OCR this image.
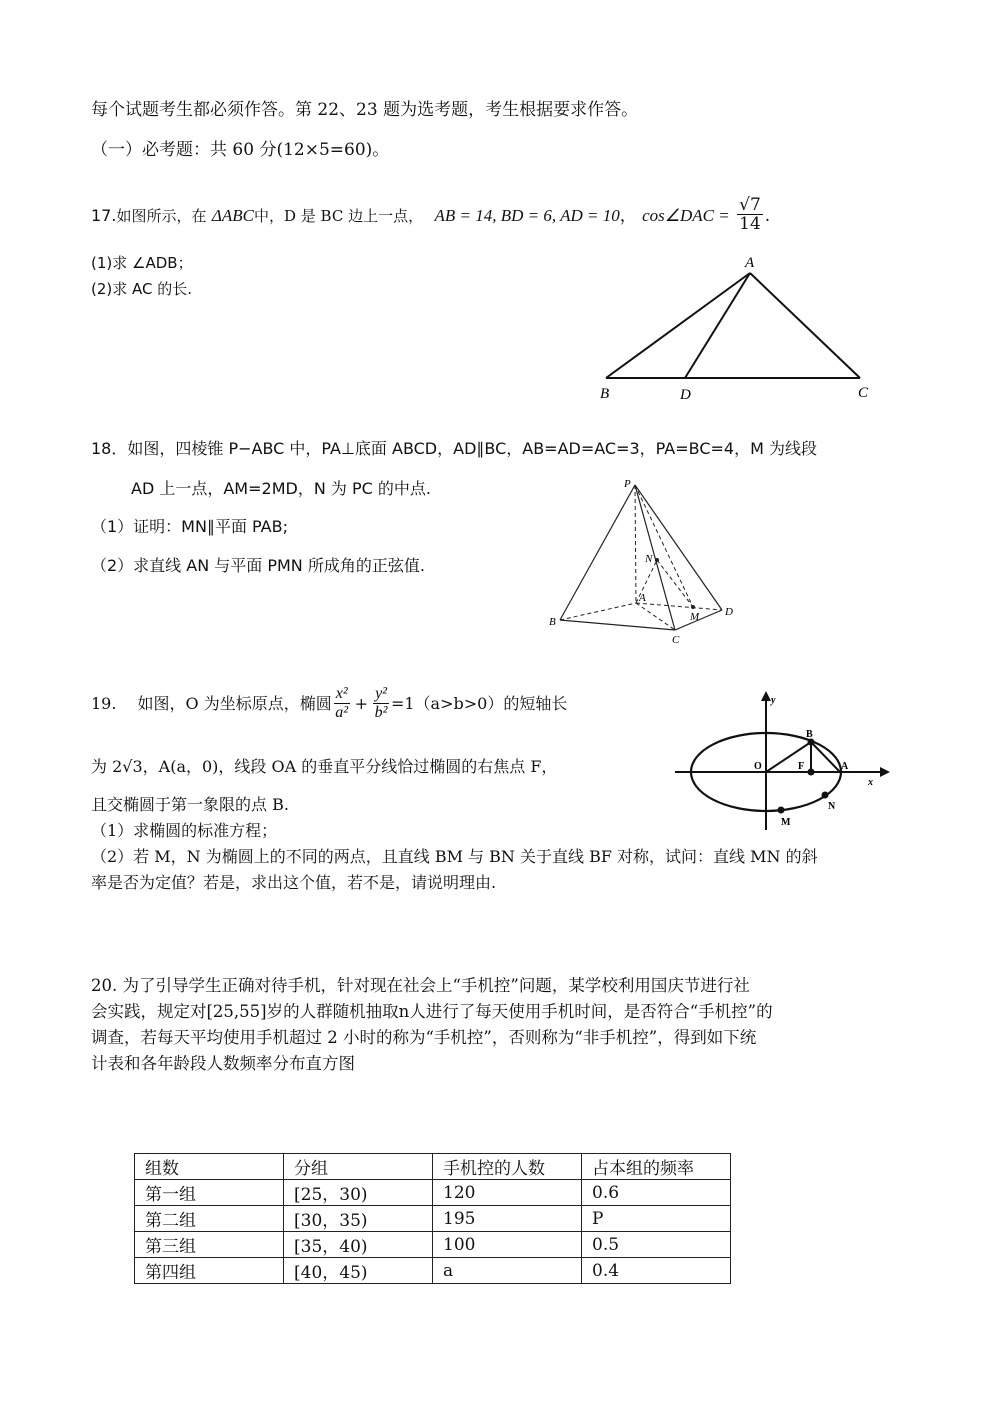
每个试题考生都必须作答。第 22、23 题为选考题，考生根据要求作答。
（一）必考题：共 60 分(12×5=60)。
17.如图所示，在 ΔABC中，D 是 BC 边上一点， AB = 14, BD = 6, AD = 10， cos∠DAC = $\frac{√7}{14}$ .
(1)求 ∠ADB；
(2)求 AC 的长.
A
B	D	C
18．如图，四棱锥 P−ABC 中，PA⊥底面 ABCD，AD∥BC，AB=AD=AC=3，PA=BC=4，M 为线段
AD 上一点，AM=2MD，N 为 PC 的中点.
（1）证明：MN∥平面 PAB;
（2）求直线 AN 与平面 PMN 所成角的正弦值.
P
A
B
C
D
M
N
19.　 如图，O 为坐标原点，椭圆 $\frac{\text{x²}}{\text{a²}} + \frac{\text{y²}}{\text{b²}} =1(a>b>0)$的短轴长
为 2√3，A(a，0)，线段 OA 的垂直平分线恰过椭圆的右焦点 F，
且交椭圆于第一象限的点 B.
（1）求椭圆的标准方程；
（2）若 M，N 为椭圆上的不同的两点，且直线 BM 与 BN 关于直线 BF 对称，试问：直线 MN 的斜
率是否为定值？若是，求出这个值，若不是，请说明理由.
y
x
O	F	A
B
N
M
20. 为了引导学生正确对待手机，针对现在社会上“手机控”问题，某学校利用国庆节进行社
会实践，规定对[25,55]岁的人群随机抽取n人进行了每天使用手机时间，是否符合“手机控”的
调查，若每天平均使用手机超过 2 小时的称为“手机控”，否则称为“非手机控”，得到如下统
计表和各年龄段人数频率分布直方图
组数	分组	手机控的人数	占本组的频率
第一组	[25，30)	120	0.6
第二组	[30，35)	195	P
第三组	[35，40)	100	0.5
第四组	[40，45)	a	0.4
